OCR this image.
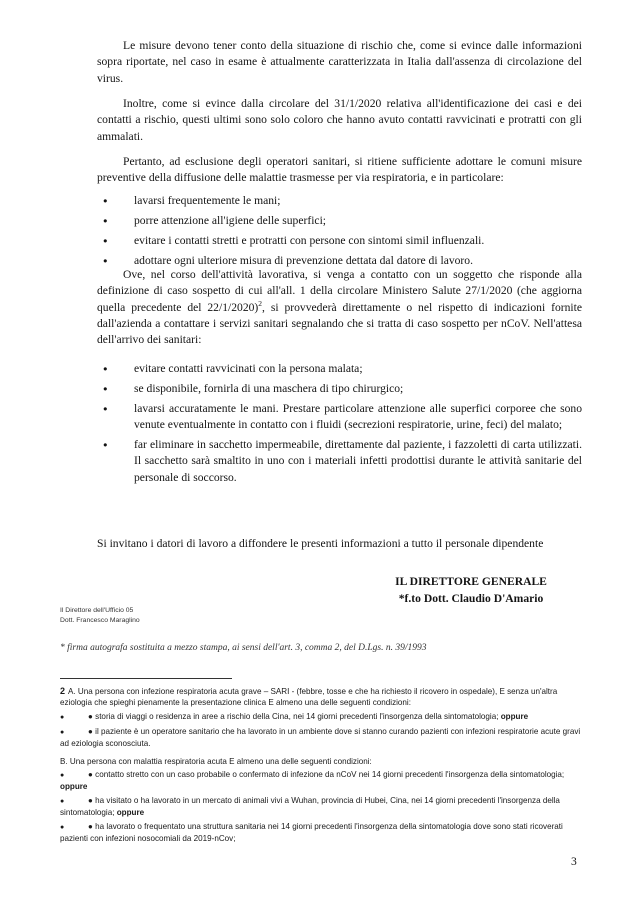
Le misure devono tener conto della situazione di rischio che, come si evince dalle informazioni sopra riportate, nel caso in esame è attualmente caratterizzata in Italia dall'assenza di circolazione del virus.

Inoltre, come si evince dalla circolare del 31/1/2020 relativa all'identificazione dei casi e dei contatti a rischio, questi ultimi sono solo coloro che hanno avuto contatti ravvicinati e protratti con gli ammalati.

Pertanto, ad esclusione degli operatori sanitari, si ritiene sufficiente adottare le comuni misure preventive della diffusione delle malattie trasmesse per via respiratoria, e in particolare:

● lavarsi frequentemente le mani;
● porre attenzione all'igiene delle superfici;
● evitare i contatti stretti e protratti con persone con sintomi simil influenzali.
● adottare ogni ulteriore misura di prevenzione dettata dal datore di lavoro.

Ove, nel corso dell'attività lavorativa, si venga a contatto con un soggetto che risponde alla definizione di caso sospetto di cui all'all. 1 della circolare Ministero Salute 27/1/2020 (che aggiorna quella precedente del 22/1/2020)$^2$, si provvederà direttamente o nel rispetto di indicazioni fornite dall'azienda a contattare i servizi sanitari segnalando che si tratta di caso sospetto per nCoV. Nell'attesa dell'arrivo dei sanitari:

● evitare contatti ravvicinati con la persona malata;
● se disponibile, fornirla di una maschera di tipo chirurgico;
● lavarsi accuratamente le mani. Prestare particolare attenzione alle superfici corporee che sono venute eventualmente in contatto con i fluidi (secrezioni respiratorie, urine, feci) del malato;
● far eliminare in sacchetto impermeabile, direttamente dal paziente, i fazzoletti di carta utilizzati. Il sacchetto sarà smaltito in uno con i materiali infetti prodottisi durante le attività sanitarie del personale di soccorso.

Si invitano i datori di lavoro a diffondere le presenti informazioni a tutto il personale dipendente

IL DIRETTORE GENERALE

*f.to Dott. Claudio D'Amario

Il Direttore dell'Ufficio 05
Dott. Francesco Maraglino

* firma autografa sostituita a mezzo stampa, ai sensi dell'art. 3, comma 2, del D.Lgs. n. 39/1993

2 A. Una persona con infezione respiratoria acuta grave – SARI - (febbre, tosse e che ha richiesto il ricovero in ospedale), E senza un'altra eziologia che spieghi pienamente la presentazione clinica E almeno una delle seguenti condizioni:

●	● storia di viaggi o residenza in aree a rischio della Cina, nei 14 giorni precedenti l'insorgenza della sintomatologia; oppure

●	● il paziente è un operatore sanitario che ha lavorato in un ambiente dove si stanno curando pazienti con infezioni respiratorie acute gravi ad eziologia sconosciuta.

B. Una persona con malattia respiratoria acuta E almeno una delle seguenti condizioni:

●	● contatto stretto con un caso probabile o confermato di infezione da nCoV nei 14 giorni precedenti l'insorgenza della sintomatologia; oppure

●	● ha visitato o ha lavorato in un mercato di animali vivi a Wuhan, provincia di Hubei, Cina, nei 14 giorni precedenti l'insorgenza della sintomatologia; oppure

●	● ha lavorato o frequentato una struttura sanitaria nei 14 giorni precedenti l'insorgenza della sintomatologia dove sono stati ricoverati pazienti con infezioni nosocomiali da 2019-nCov;

3
